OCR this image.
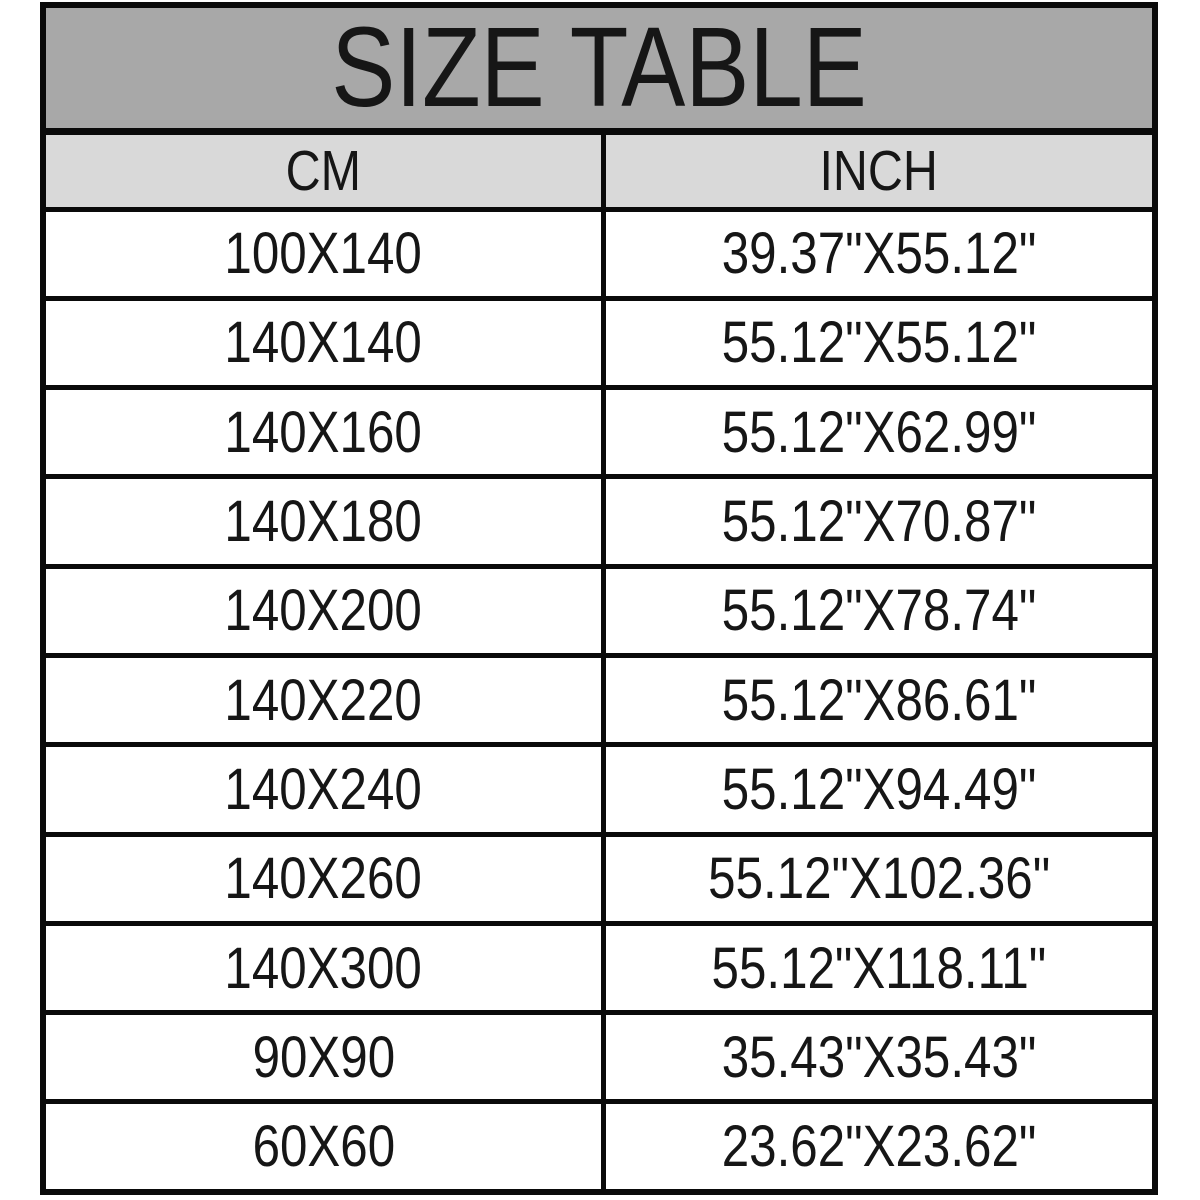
SIZE TABLE	
CM	INCH
100X140	39.37"X55.12"
140X140	55.12"X55.12"
140X160	55.12"X62.99"
140X180	55.12"X70.87"
140X200	55.12"X78.74"
140X220	55.12"X86.61"
140X240	55.12"X94.49"
140X260	55.12"X102.36"
140X300	55.12"X118.11"
90X90	35.43"X35.43"
60X60	23.62"X23.62"
